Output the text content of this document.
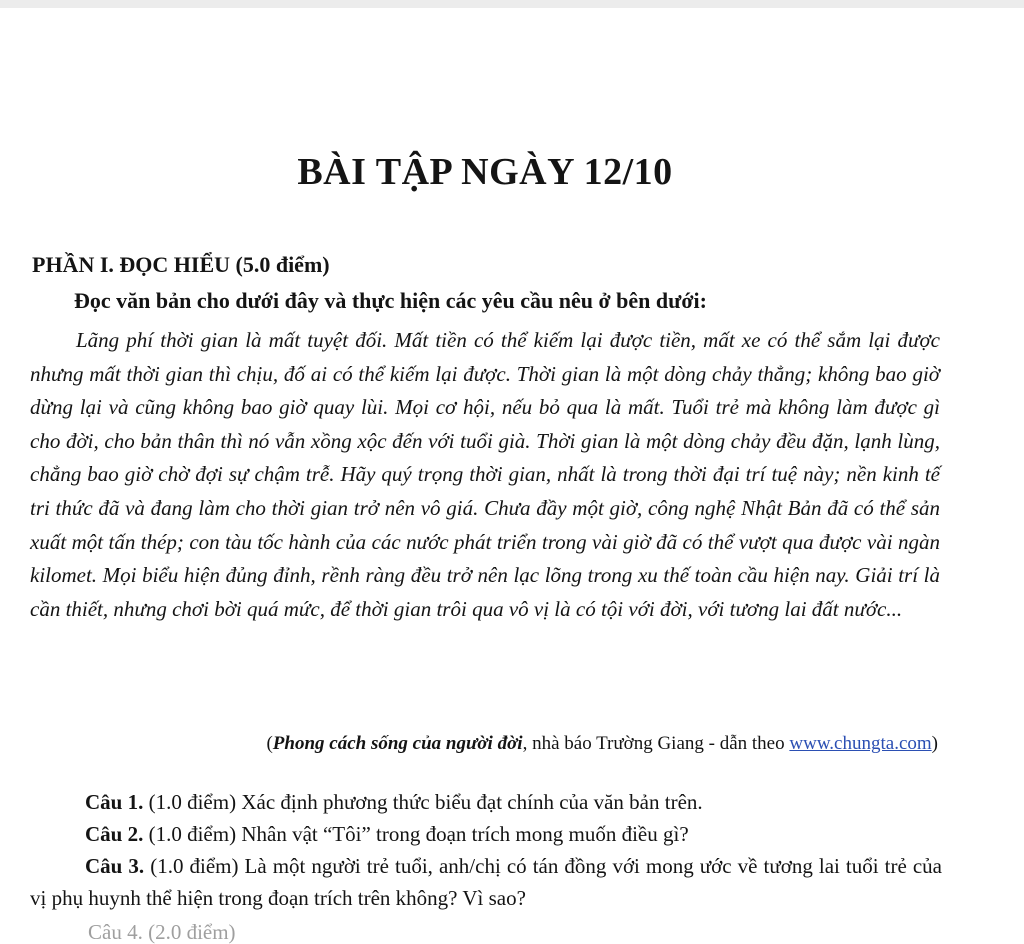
BÀI TẬP NGÀY 12/10

PHẦN I. ĐỌC HIỂU (5.0 điểm)

Đọc văn bản cho dưới đây và thực hiện các yêu cầu nêu ở bên dưới:

Lãng phí thời gian là mất tuyệt đối. Mất tiền có thể kiếm lại được tiền, mất xe có thể sắm lại được nhưng mất thời gian thì chịu, đố ai có thể kiếm lại được. Thời gian là một dòng chảy thẳng; không bao giờ dừng lại và cũng không bao giờ quay lùi. Mọi cơ hội, nếu bỏ qua là mất. Tuổi trẻ mà không làm được gì cho đời, cho bản thân thì nó vẫn xồng xộc đến với tuổi già. Thời gian là một dòng chảy đều đặn, lạnh lùng, chẳng bao giờ chờ đợi sự chậm trễ. Hãy quý trọng thời gian, nhất là trong thời đại trí tuệ này; nền kinh tế tri thức đã và đang làm cho thời gian trở nên vô giá. Chưa đầy một giờ, công nghệ Nhật Bản đã có thể sản xuất một tấn thép; con tàu tốc hành của các nước phát triển trong vài giờ đã có thể vượt qua được vài ngàn kilomet. Mọi biểu hiện đủng đỉnh, rềnh ràng đều trở nên lạc lõng trong xu thế toàn cầu hiện nay. Giải trí là cần thiết, nhưng chơi bời quá mức, để thời gian trôi qua vô vị là có tội với đời, với tương lai đất nước...

(Phong cách sống của người đời, nhà báo Trường Giang - dẫn theo www.chungta.com)

Câu 1. (1.0 điểm) Xác định phương thức biểu đạt chính của văn bản trên.
Câu 2. (1.0 điểm) Nhân vật “Tôi” trong đoạn trích mong muốn điều gì?
Câu 3. (1.0 điểm) Là một người trẻ tuổi, anh/chị có tán đồng với mong ước về tương lai tuổi trẻ của vị phụ huynh thể hiện trong đoạn trích trên không? Vì sao?
Câu 4. (2.0 điểm)
